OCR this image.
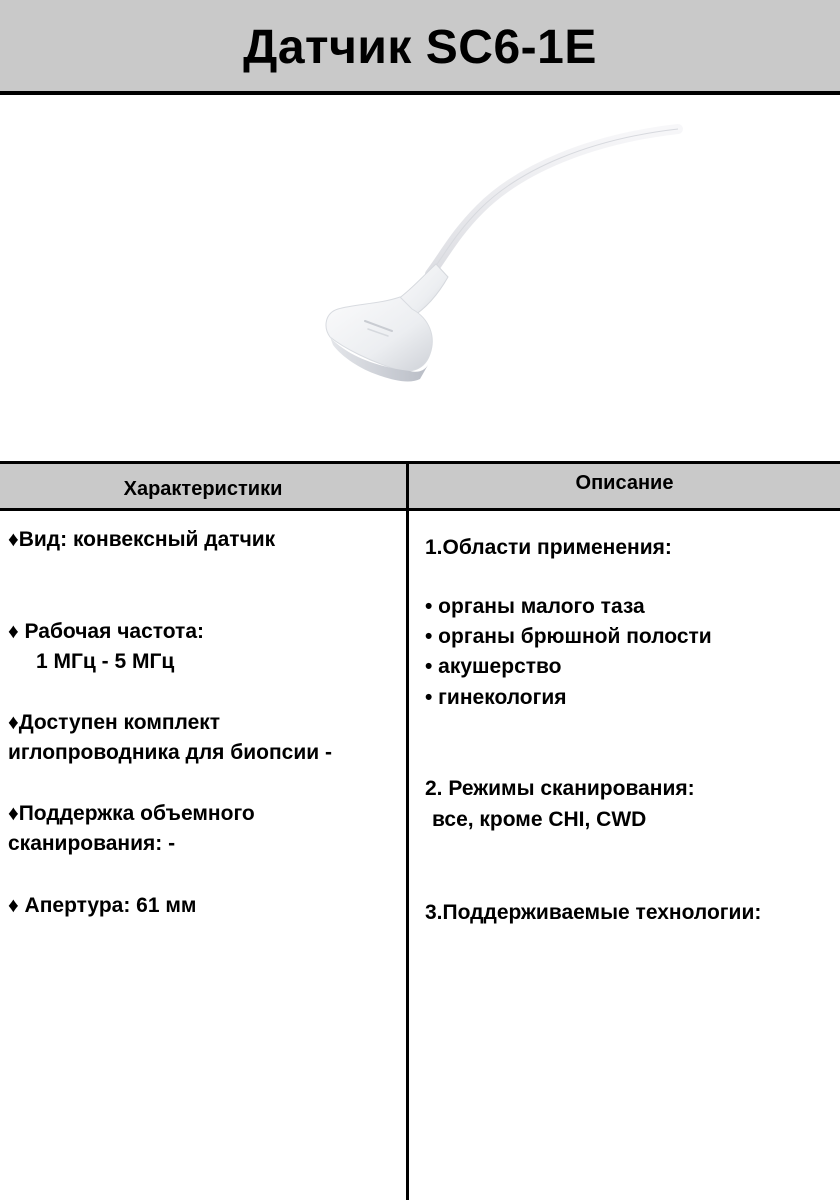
Датчик SC6-1E
Характеристики	Описание
♦Вид: конвексный датчик
♦ Рабочая частота:
1 МГц - 5 МГц
♦Доступен комплект
иглопроводника для биопсии -
♦Поддержка объемного
сканирования: -
♦ Апертура: 61 мм
1.Области применения:
• органы малого таза
• органы брюшной полости
• акушерство
• гинекология
2. Режимы сканирования:
все, кроме CHI, CWD
3.Поддерживаемые технологии:
